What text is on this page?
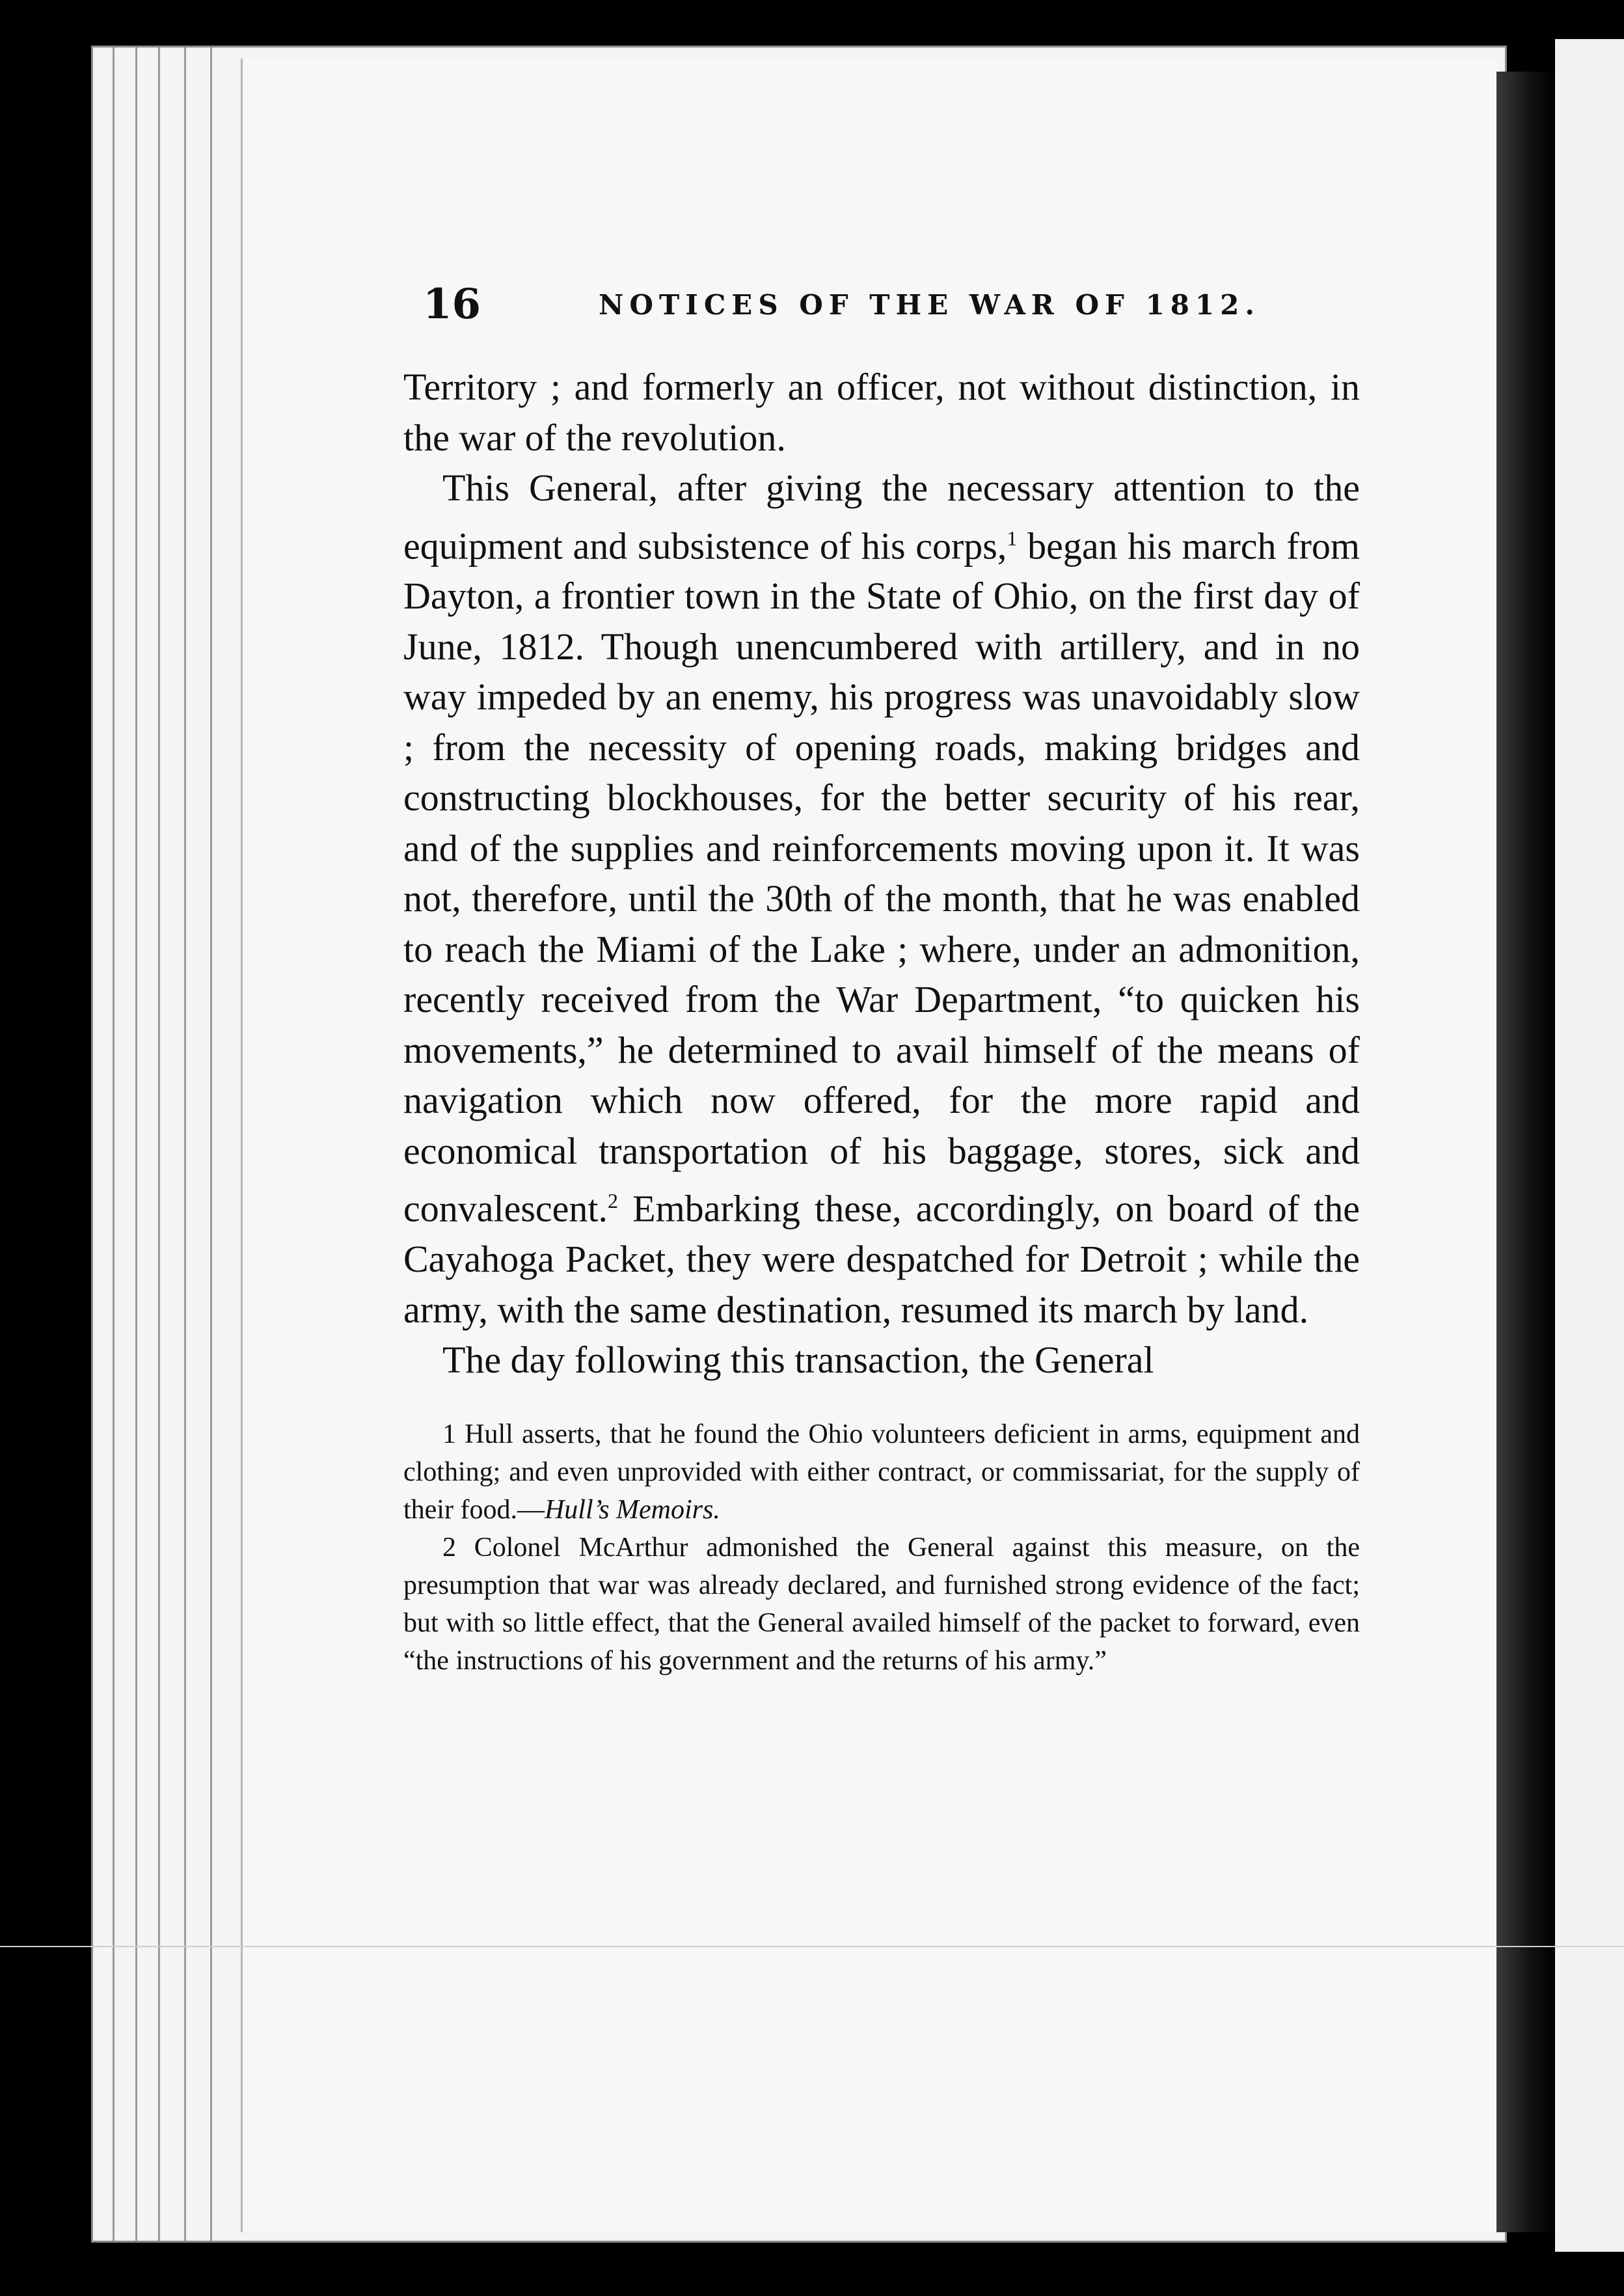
16	NOTICES OF THE WAR OF 1812.

Territory ; and formerly an officer, not without distinction, in the war of the revolution.

This General, after giving the necessary attention to the equipment and subsistence of his corps,$^1$ began his march from Dayton, a frontier town in the State of Ohio, on the first day of June, 1812. Though unencumbered with artillery, and in no way impeded by an enemy, his progress was unavoidably slow ; from the necessity of opening roads, making bridges and constructing blockhouses, for the better security of his rear, and of the supplies and reinforcements moving upon it. It was not, therefore, until the 30th of the month, that he was enabled to reach the Miami of the Lake ; where, under an admonition, recently received from the War Department, “to quicken his movements,” he determined to avail himself of the means of navigation which now offered, for the more rapid and economical transportation of his baggage, stores, sick and convalescent.$^2$ Embarking these, accordingly, on board of the Cayahoga Packet, they were despatched for Detroit ; while the army, with the same destination, resumed its march by land.

The day following this transaction, the General

1 Hull asserts, that he found the Ohio volunteers deficient in arms, equipment and clothing; and even unprovided with either contract, or commissariat, for the supply of their food.—Hull’s Memoirs.

2 Colonel McArthur admonished the General against this measure, on the presumption that war was already declared, and furnished strong evidence of the fact; but with so little effect, that the General availed himself of the packet to forward, even “the instructions of his government and the returns of his army.”
